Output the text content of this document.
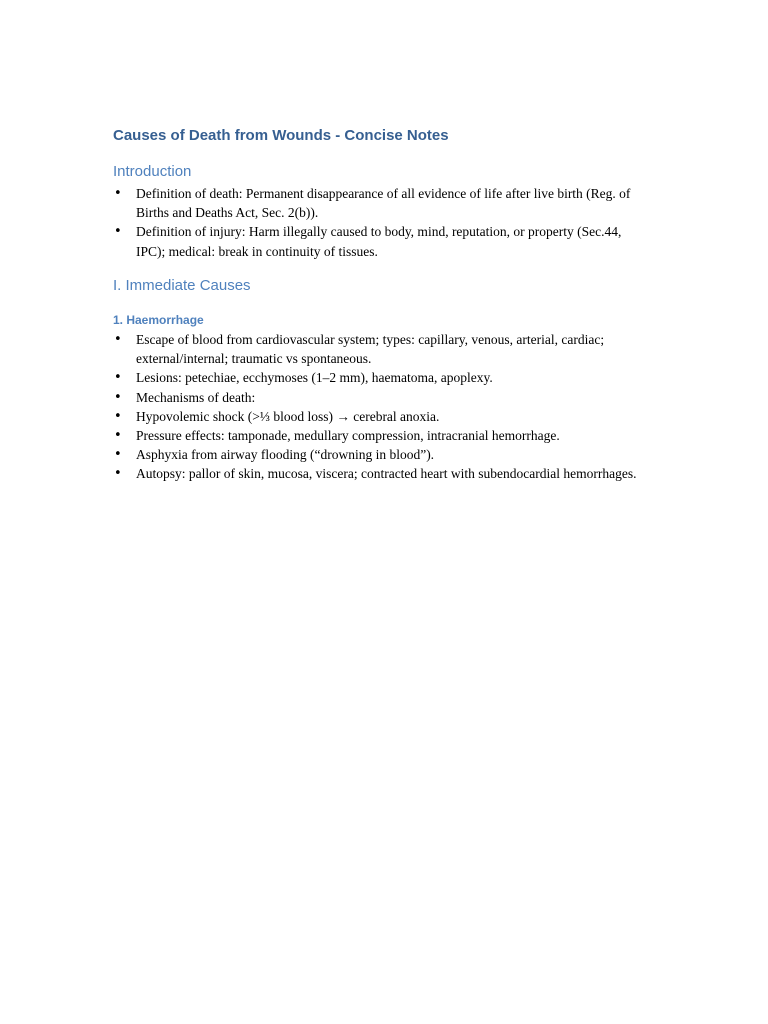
Causes of Death from Wounds - Concise Notes
Introduction
•
Definition of death: Permanent disappearance of all evidence of life after live birth (Reg. of Births and Deaths Act, Sec. 2(b)).
•
Definition of injury: Harm illegally caused to body, mind, reputation, or property (Sec.44, IPC); medical: break in continuity of tissues.
I. Immediate Causes
1. Haemorrhage
•
Escape of blood from cardiovascular system; types: capillary, venous, arterial, cardiac; external/internal; traumatic vs spontaneous.
•
Lesions: petechiae, ecchymoses (1–2 mm), haematoma, apoplexy.
•
Mechanisms of death:
•
Hypovolemic shock (>⅓ blood loss) → cerebral anoxia.
•
Pressure effects: tamponade, medullary compression, intracranial hemorrhage.
•
Asphyxia from airway flooding (“drowning in blood”).
•
Autopsy: pallor of skin, mucosa, viscera; contracted heart with subendocardial hemorrhages.
